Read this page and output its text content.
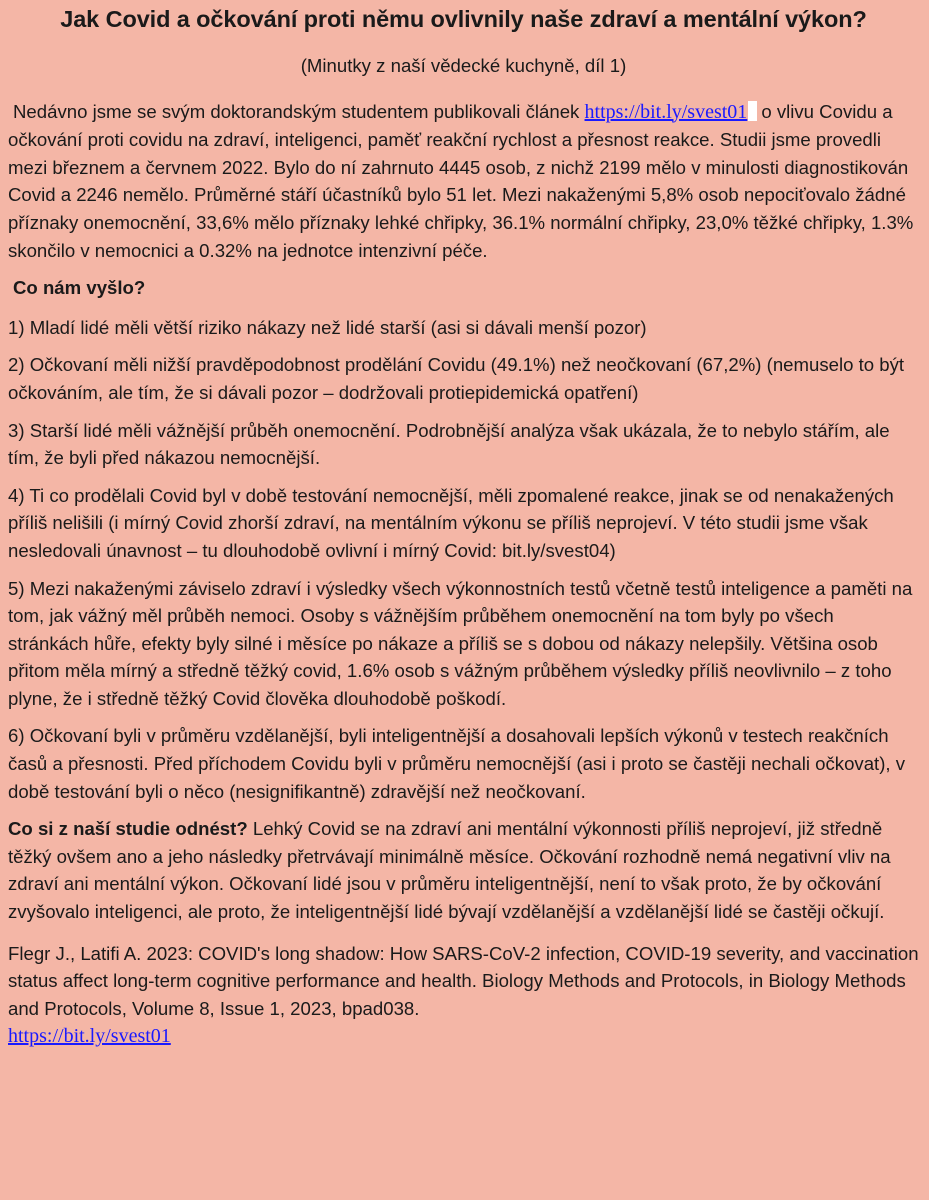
Jak Covid a očkování proti němu ovlivnily naše zdraví a mentální výkon?
(Minutky z naší vědecké kuchyně, díl 1)

Nedávno jsme se svým doktorandským studentem publikovali článek https://bit.ly/svest01 o vlivu Covidu a očkování proti covidu na zdraví, inteligenci, paměť reakční rychlost a přesnost reakce. Studii jsme provedli mezi březnem a červnem 2022. Bylo do ní zahrnuto 4445 osob, z nichž 2199 mělo v minulosti diagnostikován Covid a 2246 nemělo. Průměrné stáří účastníků bylo 51 let. Mezi nakaženými 5,8% osob nepociťovalo žádné příznaky onemocnění, 33,6% mělo příznaky lehké chřipky, 36.1% normální chřipky, 23,0% těžké chřipky, 1.3% skončilo v nemocnici a 0.32% na jednotce intenzivní péče.

Co nám vyšlo?

1) Mladí lidé měli větší riziko nákazy než lidé starší (asi si dávali menší pozor)

2) Očkovaní měli nižší pravděpodobnost prodělání Covidu (49.1%) než neočkovaní (67,2%) (nemuselo to být očkováním, ale tím, že si dávali pozor – dodržovali protiepidemická opatření)

3) Starší lidé měli vážnější průběh onemocnění. Podrobnější analýza však ukázala, že to nebylo stářím, ale tím, že byli před nákazou nemocnější.

4) Ti co prodělali Covid byl v době testování nemocnější, měli zpomalené reakce, jinak se od nenakažených příliš nelišili (i mírný Covid zhorší zdraví, na mentálním výkonu se příliš neprojeví. V této studii jsme však nesledovali únavnost – tu dlouhodobě ovlivní i mírný Covid: bit.ly/svest04)

5) Mezi nakaženými záviselo zdraví i výsledky všech výkonnostních testů včetně testů inteligence a paměti na tom, jak vážný měl průběh nemoci. Osoby s vážnějším průběhem onemocnění na tom byly po všech stránkách hůře, efekty byly silné i měsíce po nákaze a příliš se s dobou od nákazy nelepšily. Většina osob přitom měla mírný a středně těžký covid, 1.6% osob s vážným průběhem výsledky příliš neovlivnilo – z toho plyne, že i středně těžký Covid člověka dlouhodobě poškodí.

6) Očkovaní byli v průměru vzdělanější, byli inteligentnější a dosahovali lepších výkonů v testech reakčních časů a přesnosti. Před příchodem Covidu byli v průměru nemocnější (asi i proto se častěji nechali očkovat), v době testování byli o něco (nesignifikantně) zdravější než neočkovaní.

Co si z naší studie odnést? Lehký Covid se na zdraví ani mentální výkonnosti příliš neprojeví, již středně těžký ovšem ano a jeho následky přetrvávají minimálně měsíce. Očkování rozhodně nemá negativní vliv na zdraví ani mentální výkon. Očkovaní lidé jsou v průměru inteligentnější, není to však proto, že by očkování zvyšovalo inteligenci, ale proto, že inteligentnější lidé bývají vzdělanější a vzdělanější lidé se častěji očkují.

Flegr J., Latifi A. 2023: COVID's long shadow: How SARS-CoV-2 infection, COVID-19 severity, and vaccination status affect long-term cognitive performance and health. Biology Methods and Protocols, in Biology Methods and Protocols, Volume 8, Issue 1, 2023, bpad038.
https://bit.ly/svest01
